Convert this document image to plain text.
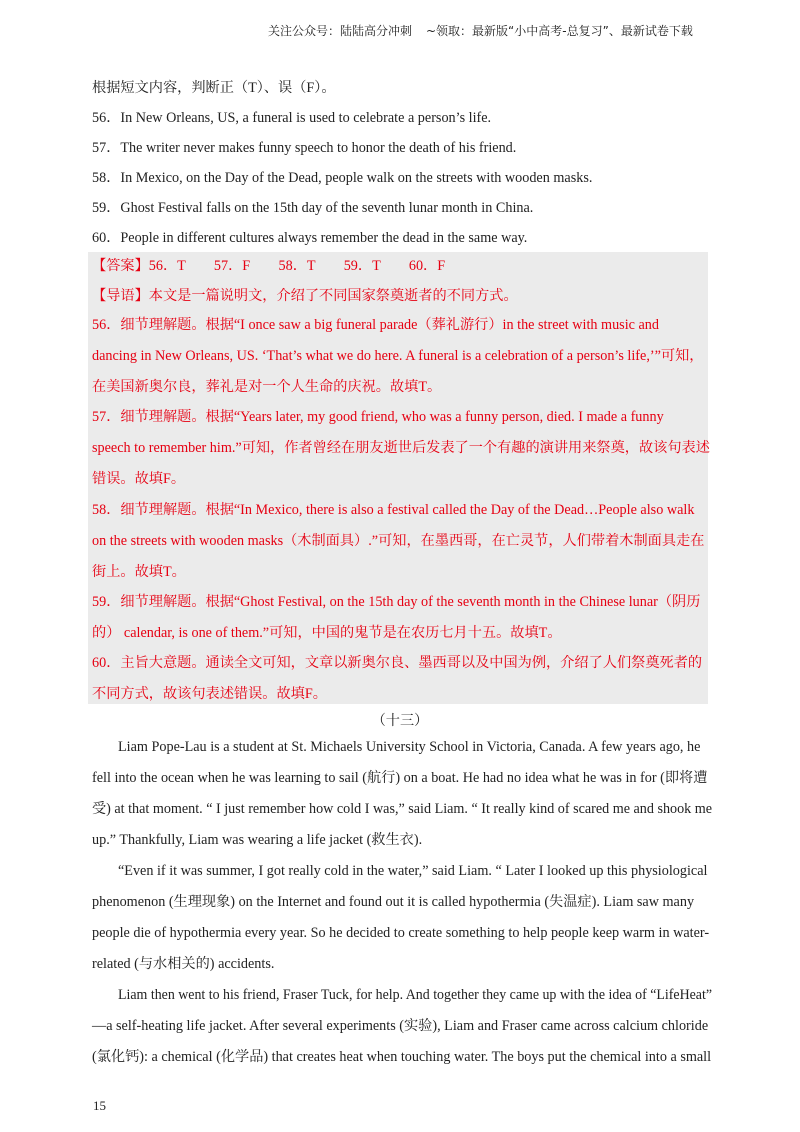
关注公众号：陆陆高分冲刺 ~领取：最新版“小中高考-总复习”、最新试卷下载
根据短文内容，判断正（T）、误（F）。
56．In New Orleans, US, a funeral is used to celebrate a person’s life.
57．The writer never makes funny speech to honor the death of his friend.
58．In Mexico, on the Day of the Dead, people walk on the streets with wooden masks.
59．Ghost Festival falls on the 15th day of the seventh lunar month in China.
60．People in different cultures always remember the dead in the same way.
【答案】56．T　　57．F　　58．T　　59．T　　60．F
【导语】本文是一篇说明文，介绍了不同国家祭奠逝者的不同方式。
56．细节理解题。根据“I once saw a big funeral parade（葬礼游行）in the street with music and
dancing in New Orleans, US. ‘That’s what we do here. A funeral is a celebration of a person’s life,’”可知，
在美国新奥尔良，葬礼是对一个人生命的庆祝。故填T。
57．细节理解题。根据“Years later, my good friend, who was a funny person, died. I made a funny
speech to remember him.”可知，作者曾经在朋友逝世后发表了一个有趣的演讲用来祭奠，故该句表述
错误。故填F。
58．细节理解题。根据“In Mexico, there is also a festival called the Day of the Dead…People also walk
on the streets with wooden masks（木制面具）.”可知，在墨西哥，在亡灵节，人们带着木制面具走在
街上。故填T。
59．细节理解题。根据“Ghost Festival, on the 15th day of the seventh month in the Chinese lunar（阴历
的） calendar, is one of them.”可知，中国的鬼节是在农历七月十五。故填T。
60．主旨大意题。通读全文可知，文章以新奥尔良、墨西哥以及中国为例，介绍了人们祭奠死者的
不同方式，故该句表述错误。故填F。
（十三）
Liam Pope-Lau is a student at St. Michaels University School in Victoria, Canada. A few years ago, he
fell into the ocean when he was learning to sail (航行) on a boat. He had no idea what he was in for (即将遭
受) at that moment. “ I just remember how cold I was,” said Liam. “ It really kind of scared me and shook me
up.” Thankfully, Liam was wearing a life jacket (救生衣).
“Even if it was summer, I got really cold in the water,” said Liam. “ Later I looked up this physiological
phenomenon (生理现象) on the Internet and found out it is called hypothermia (失温症). Liam saw many
people die of hypothermia every year. So he decided to create something to help people keep warm in water-
related (与水相关的) accidents.
Liam then went to his friend, Fraser Tuck, for help. And together they came up with the idea of “LifeHeat”
—a self-heating life jacket. After several experiments (实验), Liam and Fraser came across calcium chloride
(氯化钙): a chemical (化学品) that creates heat when touching water. The boys put the chemical into a small
15
